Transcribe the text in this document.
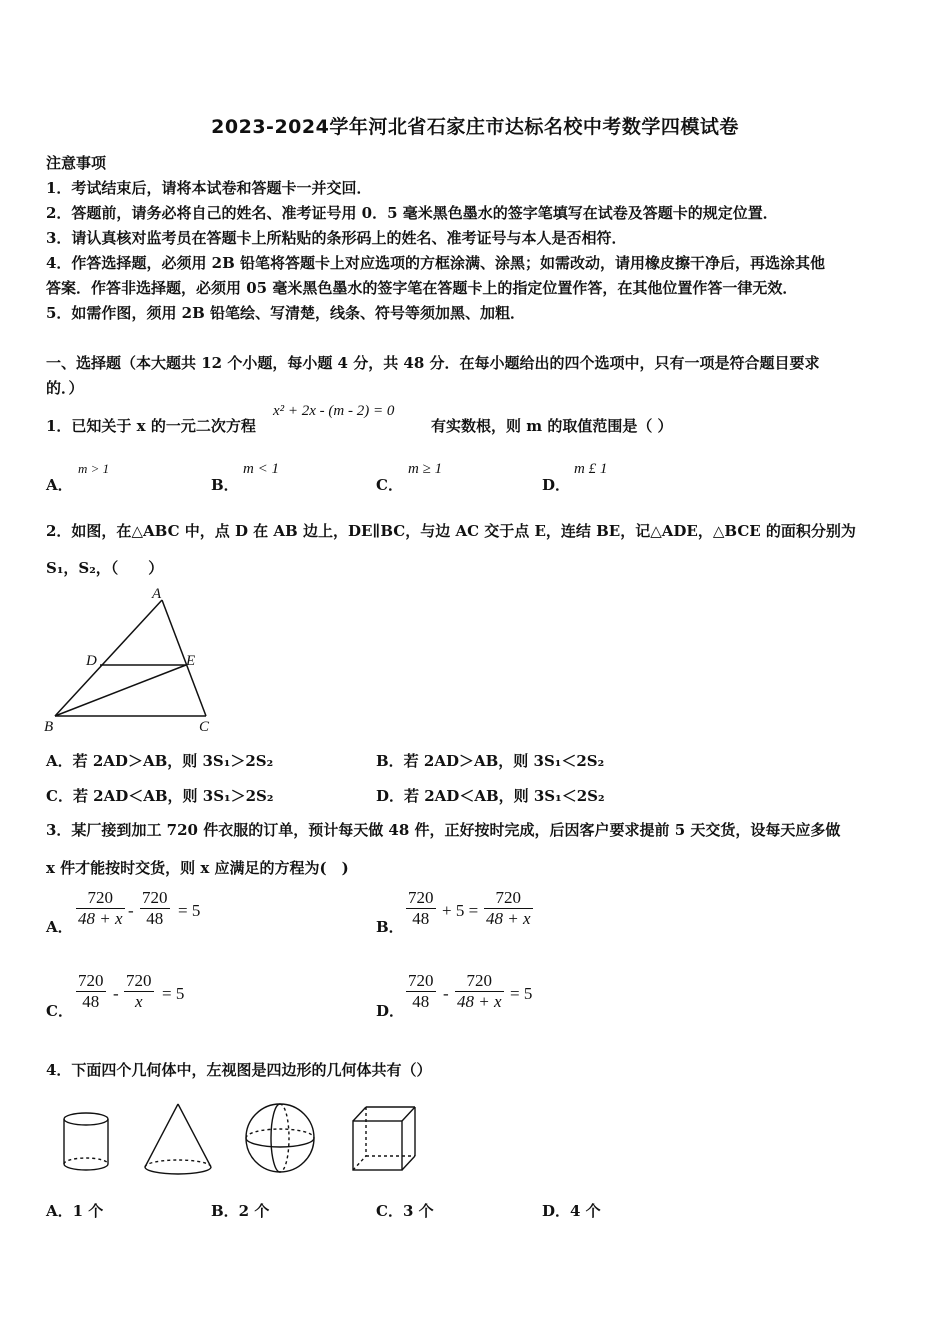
2023-2024学年河北省石家庄市达标名校中考数学四模试卷
注意事项
1．考试结束后，请将本试卷和答题卡一并交回．
2．答题前，请务必将自己的姓名、准考证号用 0．5 毫米黑色墨水的签字笔填写在试卷及答题卡的规定位置．
3．请认真核对监考员在答题卡上所粘贴的条形码上的姓名、准考证号与本人是否相符．
4．作答选择题，必须用 2B 铅笔将答题卡上对应选项的方框涂满、涂黑；如需改动，请用橡皮擦干净后，再选涂其他
答案．作答非选择题，必须用 05 毫米黑色墨水的签字笔在答题卡上的指定位置作答，在其他位置作答一律无效．
5．如需作图，须用 2B 铅笔绘、写清楚，线条、符号等须加黑、加粗．
一、选择题（本大题共 12 个小题，每小题 4 分，共 48 分．在每小题给出的四个选项中，只有一项是符合题目要求
的．）
1．已知关于 x 的一元二次方程
x² + 2x - (m - 2) = 0
有实数根，则 m 的取值范围是（ ）
A．
m > 1
B．
m < 1
C．
m ≥ 1
D．
m £ 1
2．如图，在△ABC 中，点 D 在 AB 边上，DE∥BC，与边 AC 交于点 E，连结 BE，记△ADE，△BCE 的面积分别为
S₁，S₂，（　　）
A
B	C
D	E
A．若 2AD＞AB，则 3S₁＞2S₂	B．若 2AD＞AB，则 3S₁＜2S₂
C．若 2AD＜AB，则 3S₁＞2S₂	D．若 2AD＜AB，则 3S₁＜2S₂
3．某厂接到加工 720 件衣服的订单，预计每天做 48 件，正好按时完成，后因客户要求提前 5 天交货，设每天应多做
x 件才能按时交货，则 x 应满足的方程为(　)
A． $\frac{720}{48 + x} - \frac{720}{48} = 5$
B． $\frac{720}{48} + 5 = \frac{720}{48 + x}$
C． $\frac{720}{48} - \frac{720}{x} = 5$
D． $\frac{720}{48} - \frac{720}{48 + x} = 5$
4．下面四个几何体中，左视图是四边形的几何体共有（）
A．1 个	B．2 个	C．3 个	D．4 个
